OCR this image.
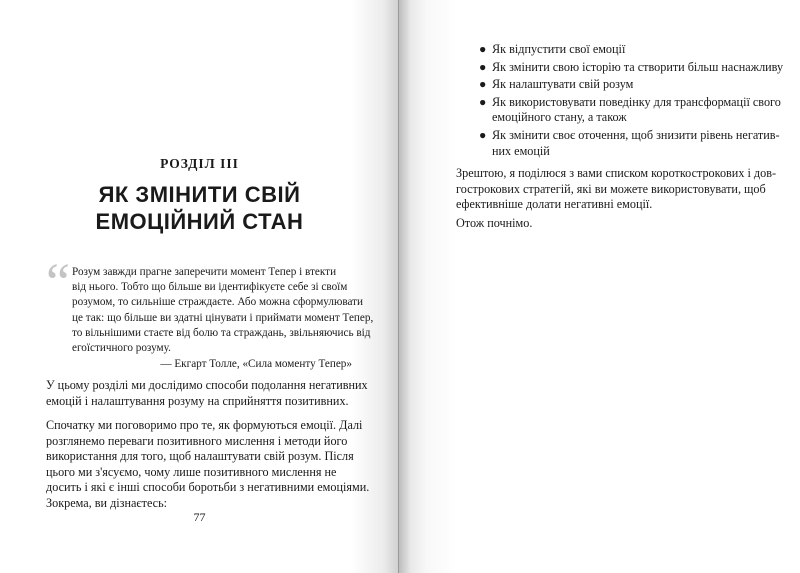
РОЗДІЛ III
ЯК ЗМІНИТИ СВІЙ
ЕМОЦІЙНИЙ СТАН
“ Розум завжди прагне заперечити момент Тепер і втекти
від нього. Тобто що більше ви ідентифікуєте себе зі своїм
розумом, то сильніше страждаєте. Або можна сформулювати
це так: що більше ви здатні цінувати і приймати момент Тепер,
то вільнішими стаєте від болю та страждань, звільняючись від
егоїстичного розуму.
— Екгарт Толле, «Сила моменту Тепер»
У цьому розділі ми дослідимо способи подолання негативних
емоцій і налаштування розуму на сприйняття позитивних.
Спочатку ми поговоримо про те, як формуються емоції. Далі
розглянемо переваги позитивного мислення і методи його
використання для того, щоб налаштувати свій розум. Після
цього ми з'ясуємо, чому лише позитивного мислення не
досить і які є інші способи боротьби з негативними емоціями.
Зокрема, ви дізнаєтесь:
77
● Як відпустити свої емоції
● Як змінити свою історію та створити більш наснажливу
● Як налаштувати свій розум
● Як використовувати поведінку для трансформації свого
емоційного стану, а також
● Як змінити своє оточення, щоб знизити рівень негатив-
них емоцій
Зрештою, я поділюся з вами списком короткострокових і дов-
гострокових стратегій, які ви можете використовувати, щоб
ефективніше долати негативні емоції.
Отож почнімо.
